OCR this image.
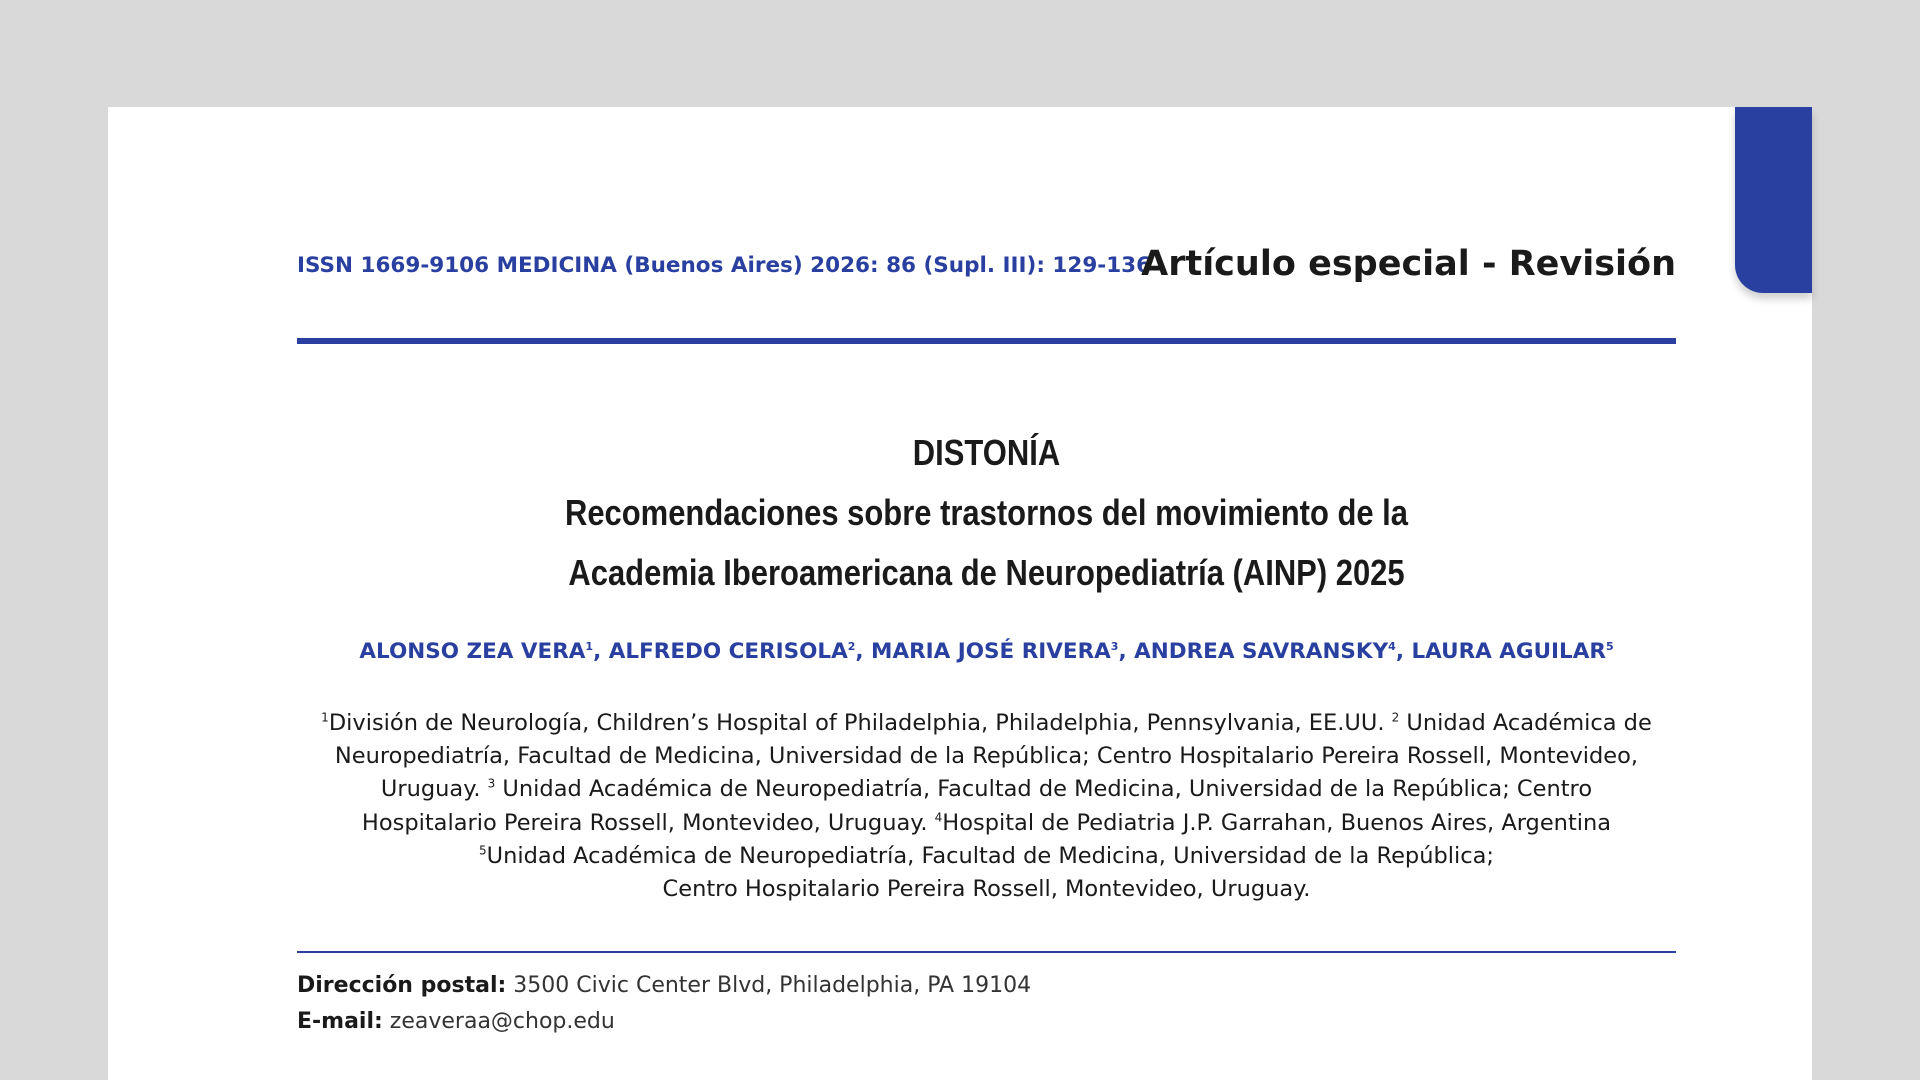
ISSN 1669-9106 MEDICINA (Buenos Aires) 2026: 86 (Supl. III): 129-136
Artículo especial - Revisión
DISTONÍA
Recomendaciones sobre trastornos del movimiento de la
Academia Iberoamericana de Neuropediatría (AINP) 2025
ALONSO ZEA VERA$^1$, ALFREDO CERISOLA$^2$, MARIA JOSÉ RIVERA$^3$, ANDREA SAVRANSKY$^4$, LAURA AGUILAR$^5$
$^1$División de Neurología, Children’s Hospital of Philadelphia, Philadelphia, Pennsylvania, EE.UU. $^2$ Unidad Académica de
Neuropediatría, Facultad de Medicina, Universidad de la República; Centro Hospitalario Pereira Rossell, Montevideo,
Uruguay. $^3$ Unidad Académica de Neuropediatría, Facultad de Medicina, Universidad de la República; Centro
Hospitalario Pereira Rossell, Montevideo, Uruguay. $^4$Hospital de Pediatria J.P. Garrahan, Buenos Aires, Argentina
$^5$Unidad Académica de Neuropediatría, Facultad de Medicina, Universidad de la República;
Centro Hospitalario Pereira Rossell, Montevideo, Uruguay.
Dirección postal: 3500 Civic Center Blvd, Philadelphia, PA 19104
E-mail: zeaveraa@chop.edu
